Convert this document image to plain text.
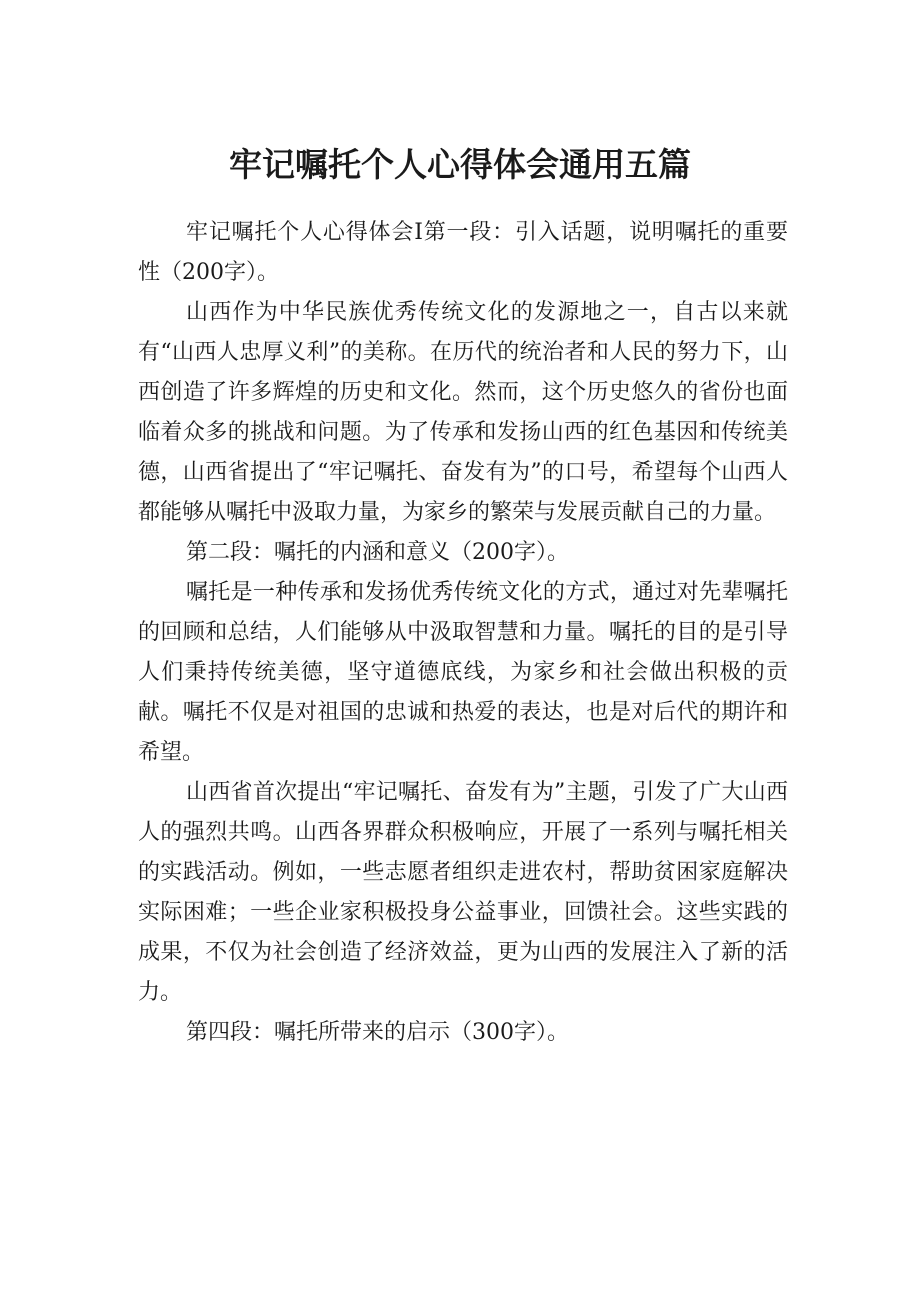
牢记嘱托个人心得体会通用五篇

牢记嘱托个人心得体会Ⅰ第一段：引入话题，说明嘱托的重要性（200字）。

山西作为中华民族优秀传统文化的发源地之一，自古以来就有“山西人忠厚义利”的美称。在历代的统治者和人民的努力下，山西创造了许多辉煌的历史和文化。然而，这个历史悠久的省份也面临着众多的挑战和问题。为了传承和发扬山西的红色基因和传统美德，山西省提出了“牢记嘱托、奋发有为”的口号，希望每个山西人都能够从嘱托中汲取力量，为家乡的繁荣与发展贡献自己的力量。

第二段：嘱托的内涵和意义（200字）。

嘱托是一种传承和发扬优秀传统文化的方式，通过对先辈嘱托的回顾和总结，人们能够从中汲取智慧和力量。嘱托的目的是引导人们秉持传统美德，坚守道德底线，为家乡和社会做出积极的贡献。嘱托不仅是对祖国的忠诚和热爱的表达，也是对后代的期许和希望。

山西省首次提出“牢记嘱托、奋发有为”主题，引发了广大山西人的强烈共鸣。山西各界群众积极响应，开展了一系列与嘱托相关的实践活动。例如，一些志愿者组织走进农村，帮助贫困家庭解决实际困难；一些企业家积极投身公益事业，回馈社会。这些实践的成果，不仅为社会创造了经济效益，更为山西的发展注入了新的活力。

第四段：嘱托所带来的启示（300字）。
